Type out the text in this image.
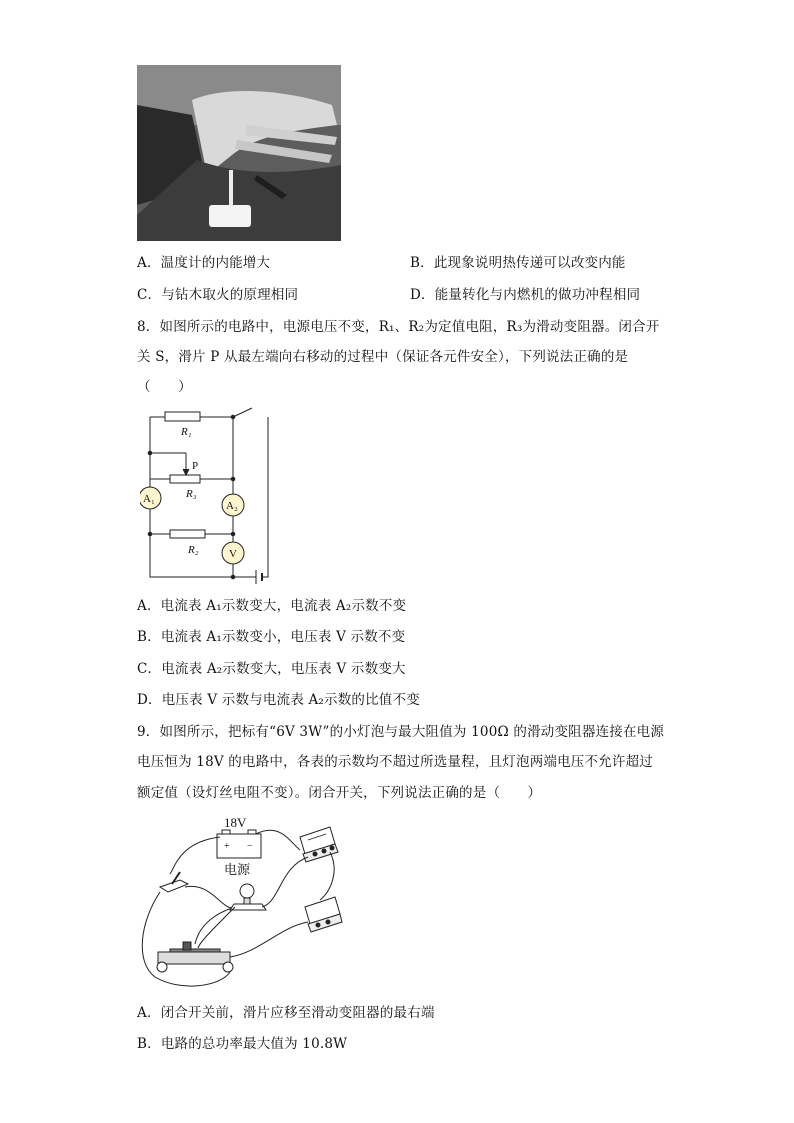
A．温度计的内能增大	B．此现象说明热传递可以改变内能
C．与钻木取火的原理相同	D．能量转化与内燃机的做功冲程相同
8．如图所示的电路中，电源电压不变，R₁、R₂为定值电阻，R₃为滑动变阻器。闭合开
关 S，滑片 P 从最左端向右移动的过程中（保证各元件安全），下列说法正确的是
（　　）
R₁
P
R₃
R₂
A₁
A₂
V
A．电流表 A₁示数变大，电流表 A₂示数不变
B．电流表 A₁示数变小，电压表 V 示数不变
C．电流表 A₂示数变大，电压表 V 示数变大
D．电压表 V 示数与电流表 A₂示数的比值不变
9．如图所示，把标有“6V 3W”的小灯泡与最大阻值为 100Ω 的滑动变阻器连接在电源
电压恒为 18V 的电路中，各表的示数均不超过所选量程，且灯泡两端电压不允许超过
额定值（设灯丝电阻不变）。闭合开关，下列说法正确的是（　　）
18V
+ −
电源
A．闭合开关前，滑片应移至滑动变阻器的最右端
B．电路的总功率最大值为 10.8W
